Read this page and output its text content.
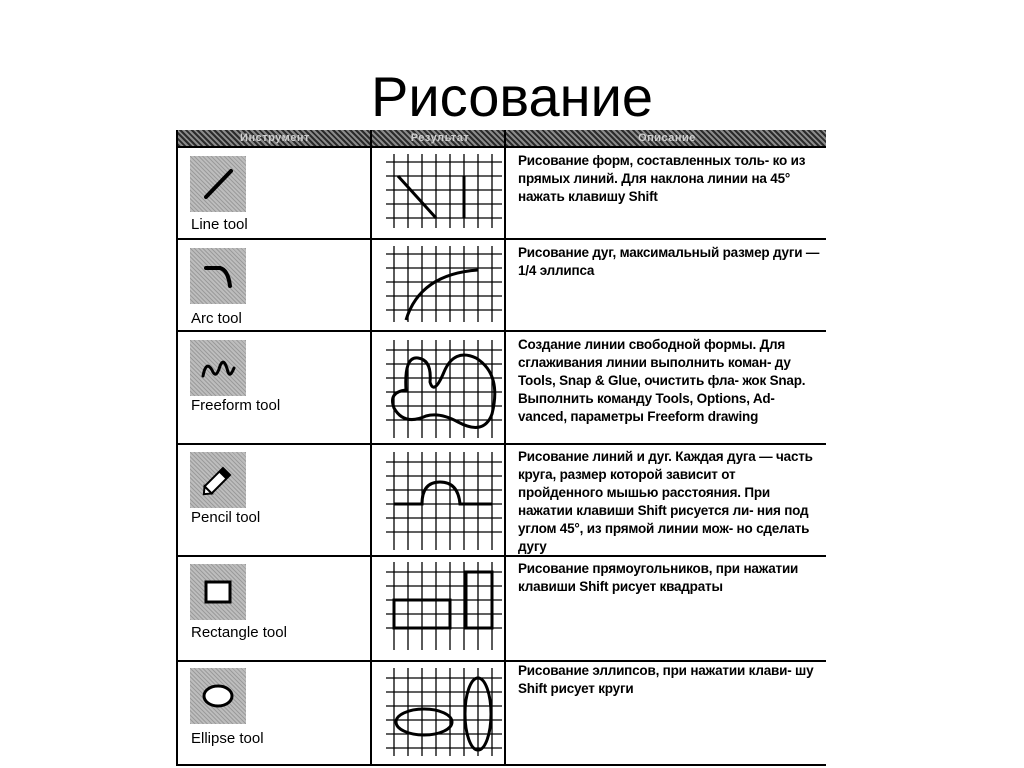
Рисование
Инструмент	Результат	Описание
Line tool
Рисование форм, составленных толь- ко из прямых линий. Для наклона линии на 45° нажать клавишу Shift
Arc tool
Рисование дуг, максимальный размер дуги — 1/4 эллипса
Freeform tool
Создание линии свободной формы. Для сглаживания линии выполнить коман- ду Tools, Snap & Glue, очистить фла- жок Snap. Выполнить команду Tools, Options, Ad- vanced, параметры Freeform drawing
Pencil tool
Рисование линий и дуг. Каждая дуга — часть круга, размер которой зависит от пройденного мышью расстояния. При нажатии клавиши Shift рисуется ли- ния под углом 45°, из прямой линии мож- но сделать дугу
Rectangle tool
Рисование прямоугольников, при нажатии клавиши Shift рисует квадраты
Ellipse tool
Рисование эллипсов, при нажатии клави- шу Shift рисует круги
